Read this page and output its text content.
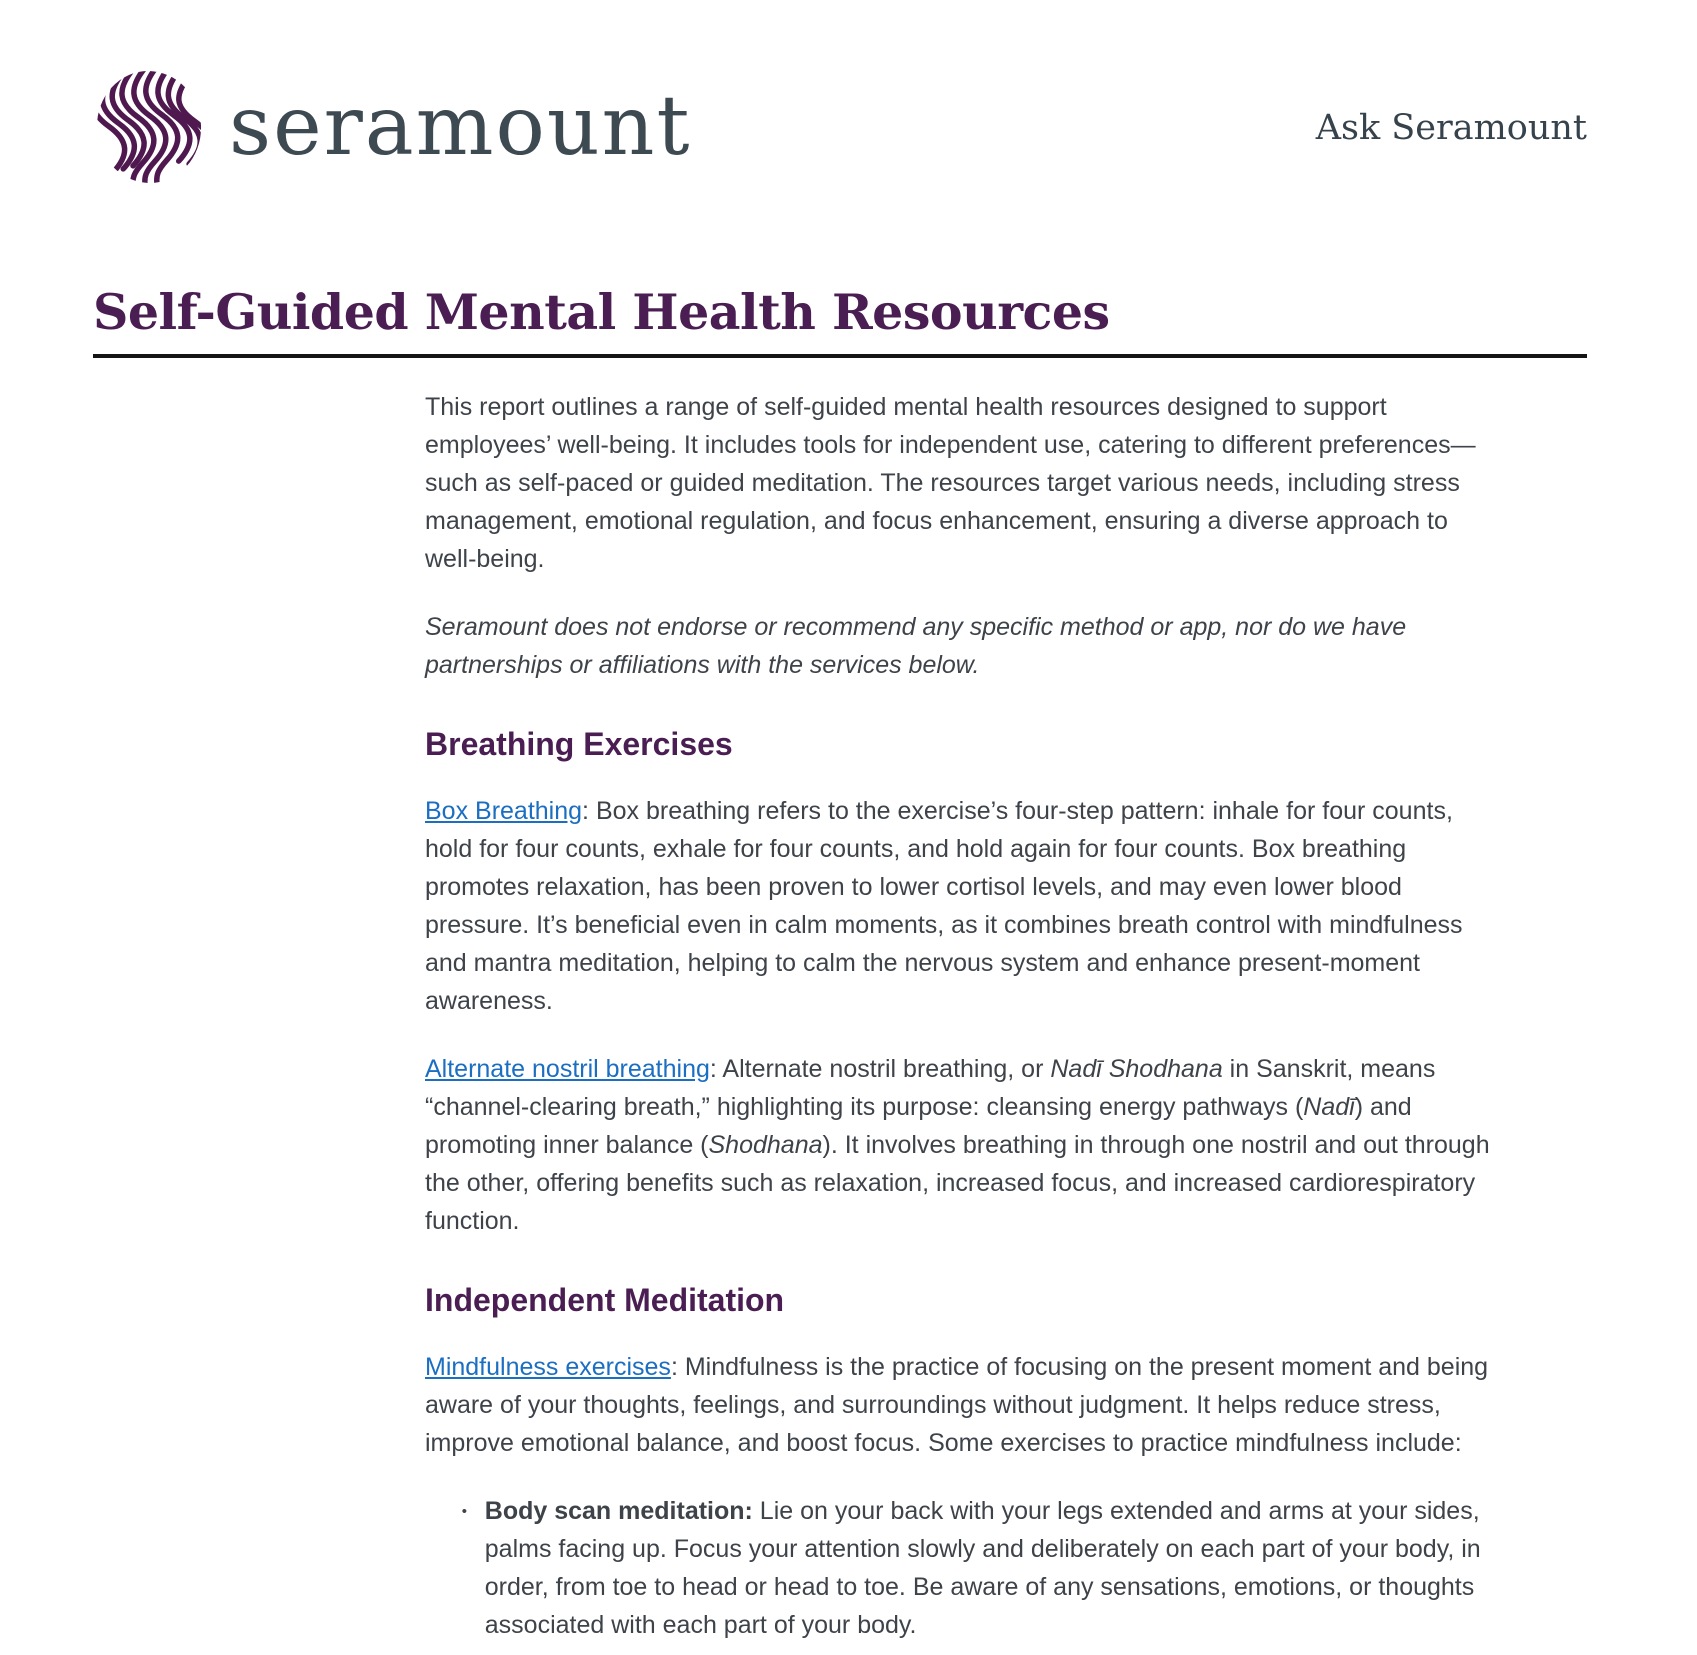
seramount	Ask Seramount
Self-Guided Mental Health Resources

This report outlines a range of self-guided mental health resources designed to support employees’ well-being. It includes tools for independent use, catering to different preferences—such as self-paced or guided meditation. The resources target various needs, including stress management, emotional regulation, and focus enhancement, ensuring a diverse approach to well-being.

Seramount does not endorse or recommend any specific method or app, nor do we have partnerships or affiliations with the services below.

Breathing Exercises

Box Breathing: Box breathing refers to the exercise’s four-step pattern: inhale for four counts, hold for four counts, exhale for four counts, and hold again for four counts. Box breathing promotes relaxation, has been proven to lower cortisol levels, and may even lower blood pressure. It’s beneficial even in calm moments, as it combines breath control with mindfulness and mantra meditation, helping to calm the nervous system and enhance present-moment awareness.

Alternate nostril breathing: Alternate nostril breathing, or Nadī Shodhana in Sanskrit, means “channel-clearing breath,” highlighting its purpose: cleansing energy pathways (Nadī) and promoting inner balance (Shodhana). It involves breathing in through one nostril and out through the other, offering benefits such as relaxation, increased focus, and increased cardiorespiratory function.

Independent Meditation

Mindfulness exercises: Mindfulness is the practice of focusing on the present moment and being aware of your thoughts, feelings, and surroundings without judgment. It helps reduce stress, improve emotional balance, and boost focus. Some exercises to practice mindfulness include:

• Body scan meditation: Lie on your back with your legs extended and arms at your sides, palms facing up. Focus your attention slowly and deliberately on each part of your body, in order, from toe to head or head to toe. Be aware of any sensations, emotions, or thoughts associated with each part of your body.
